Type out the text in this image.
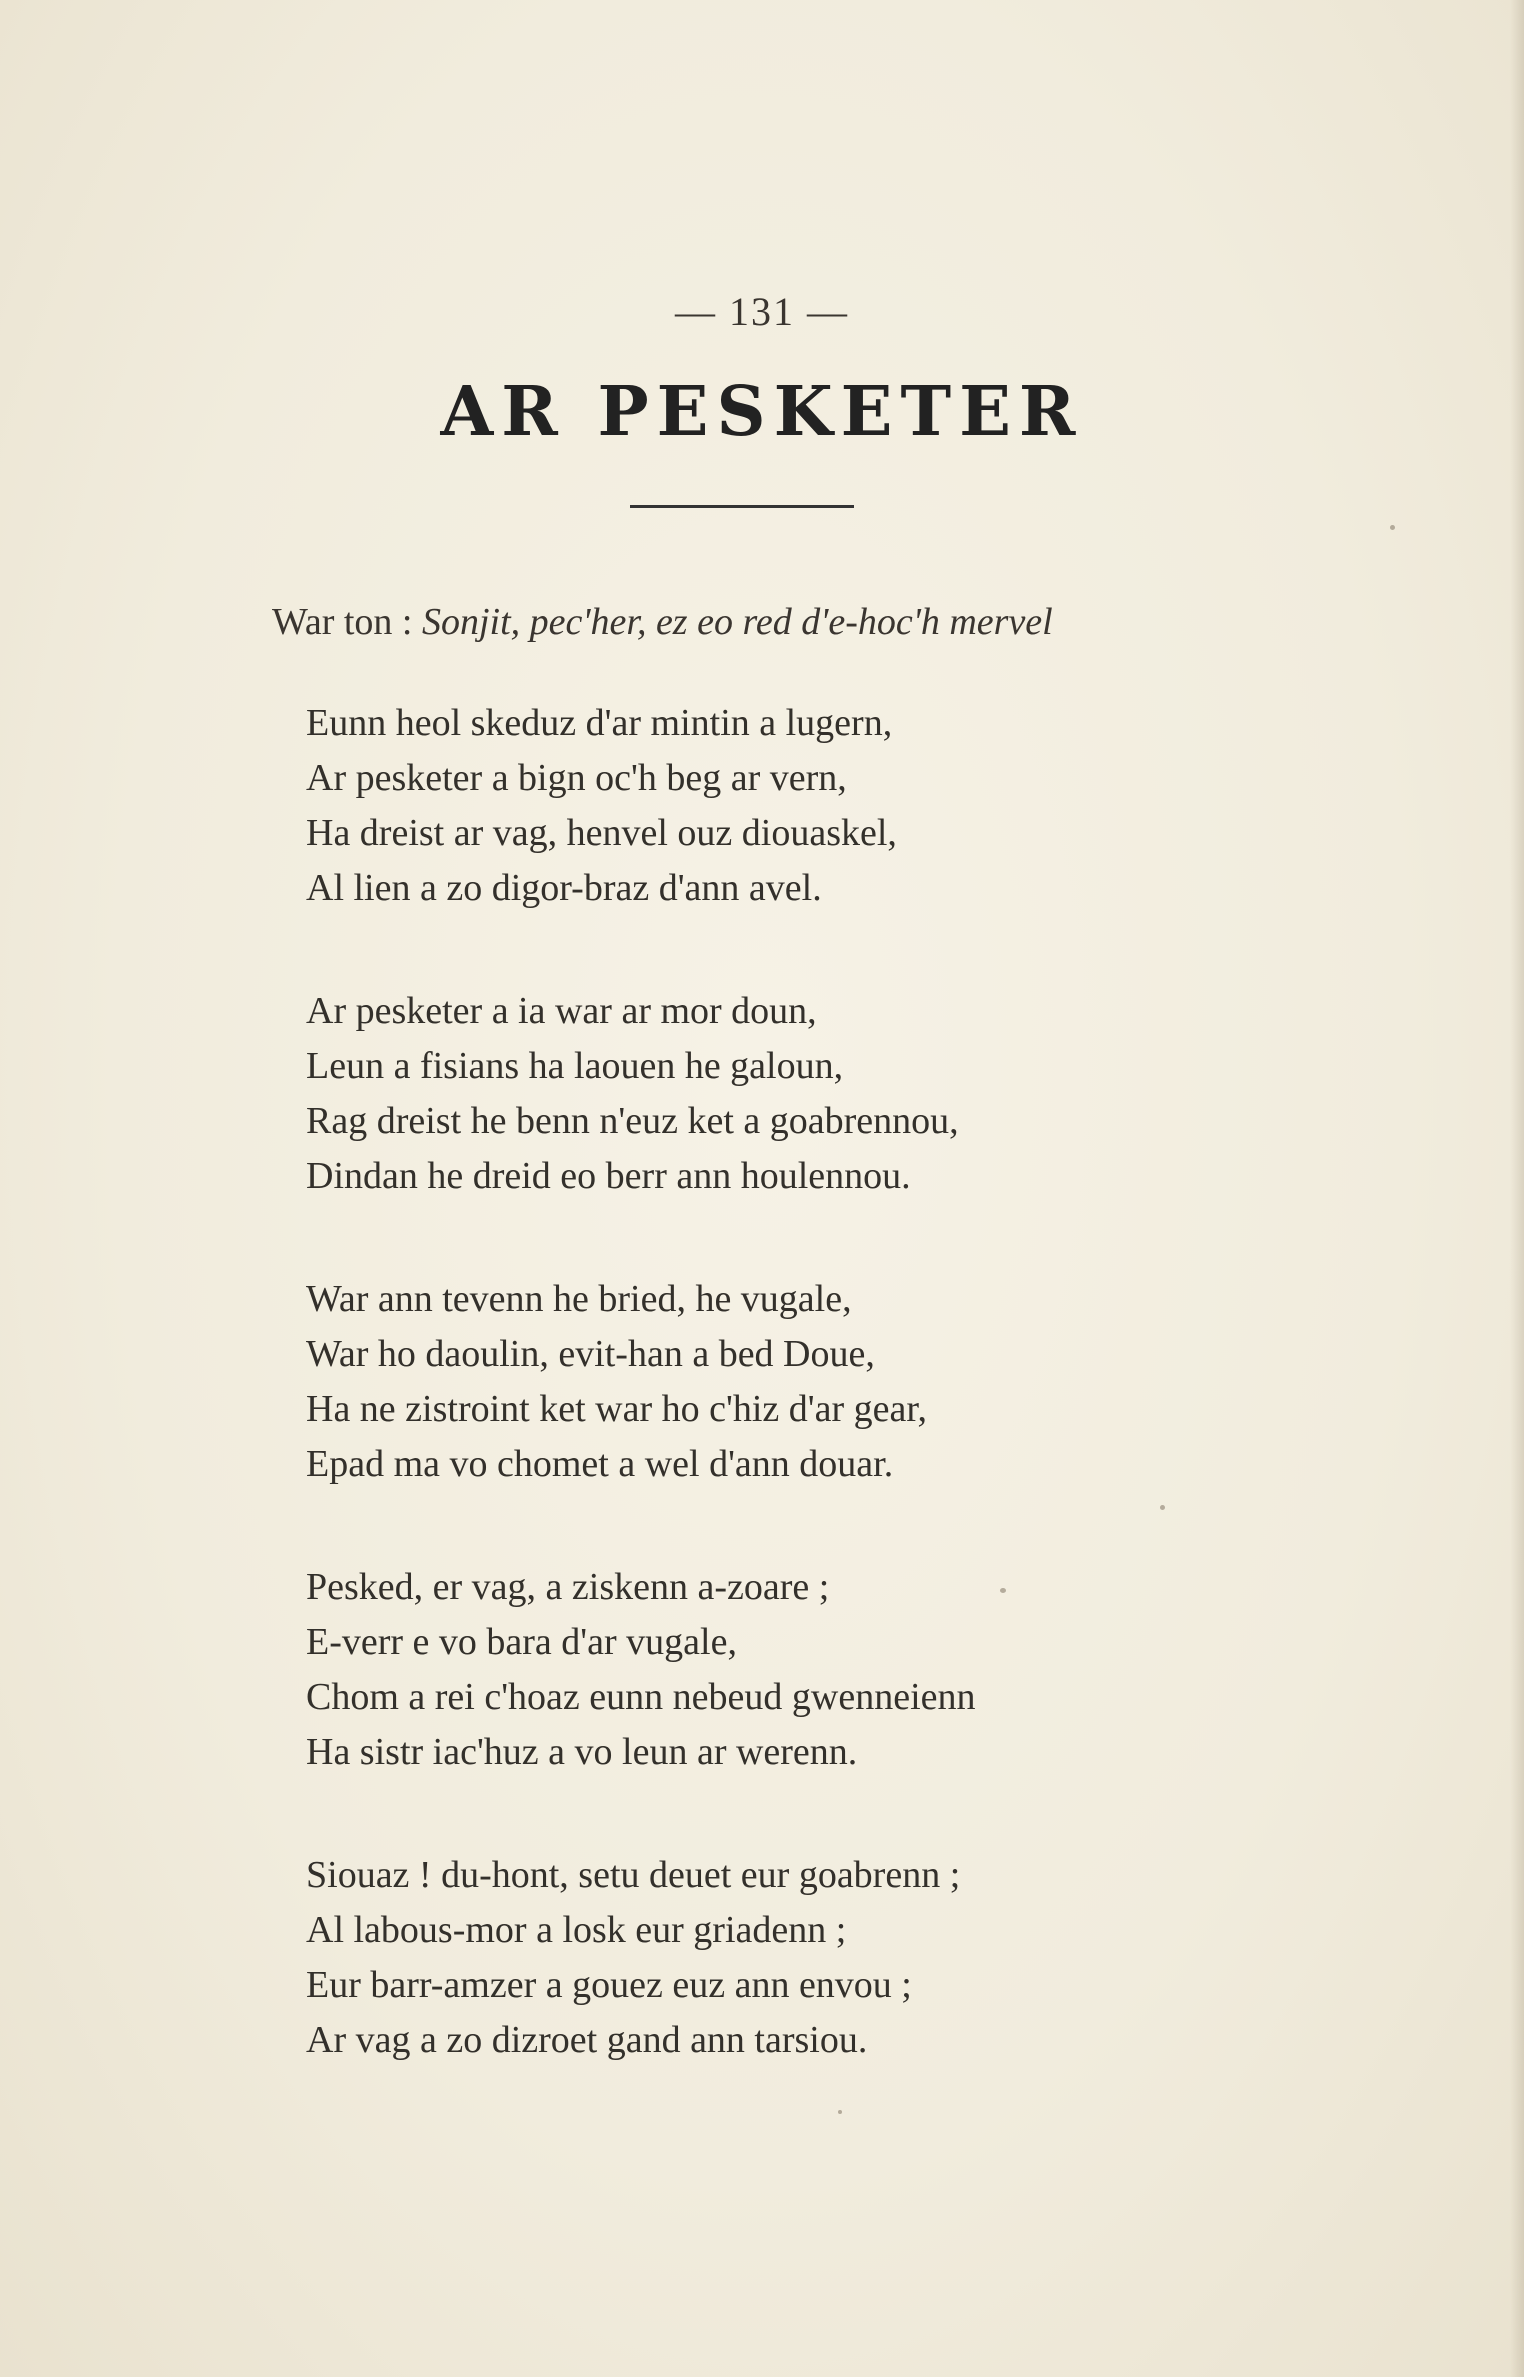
— 131 —
AR PESKETER
War ton : Sonjit, pec'her, ez eo red d'e-hoc'h mervel
Eunn heol skeduz d'ar mintin a lugern,
Ar pesketer a bign oc'h beg ar vern,
Ha dreist ar vag, henvel ouz diouaskel,
Al lien a zo digor-braz d'ann avel.
Ar pesketer a ia war ar mor doun,
Leun a fisians ha laouen he galoun,
Rag dreist he benn n'euz ket a goabrennou,
Dindan he dreid eo berr ann houlennou.
War ann tevenn he bried, he vugale,
War ho daoulin, evit-han a bed Doue,
Ha ne zistroint ket war ho c'hiz d'ar gear,
Epad ma vo chomet a wel d'ann douar.
Pesked, er vag, a ziskenn a-zoare ;
E-verr e vo bara d'ar vugale,
Chom a rei c'hoaz eunn nebeud gwenneienn
Ha sistr iac'huz a vo leun ar werenn.
Siouaz ! du-hont, setu deuet eur goabrenn ;
Al labous-mor a losk eur griadenn ;
Eur barr-amzer a gouez euz ann envou ;
Ar vag a zo dizroet gand ann tarsiou.
